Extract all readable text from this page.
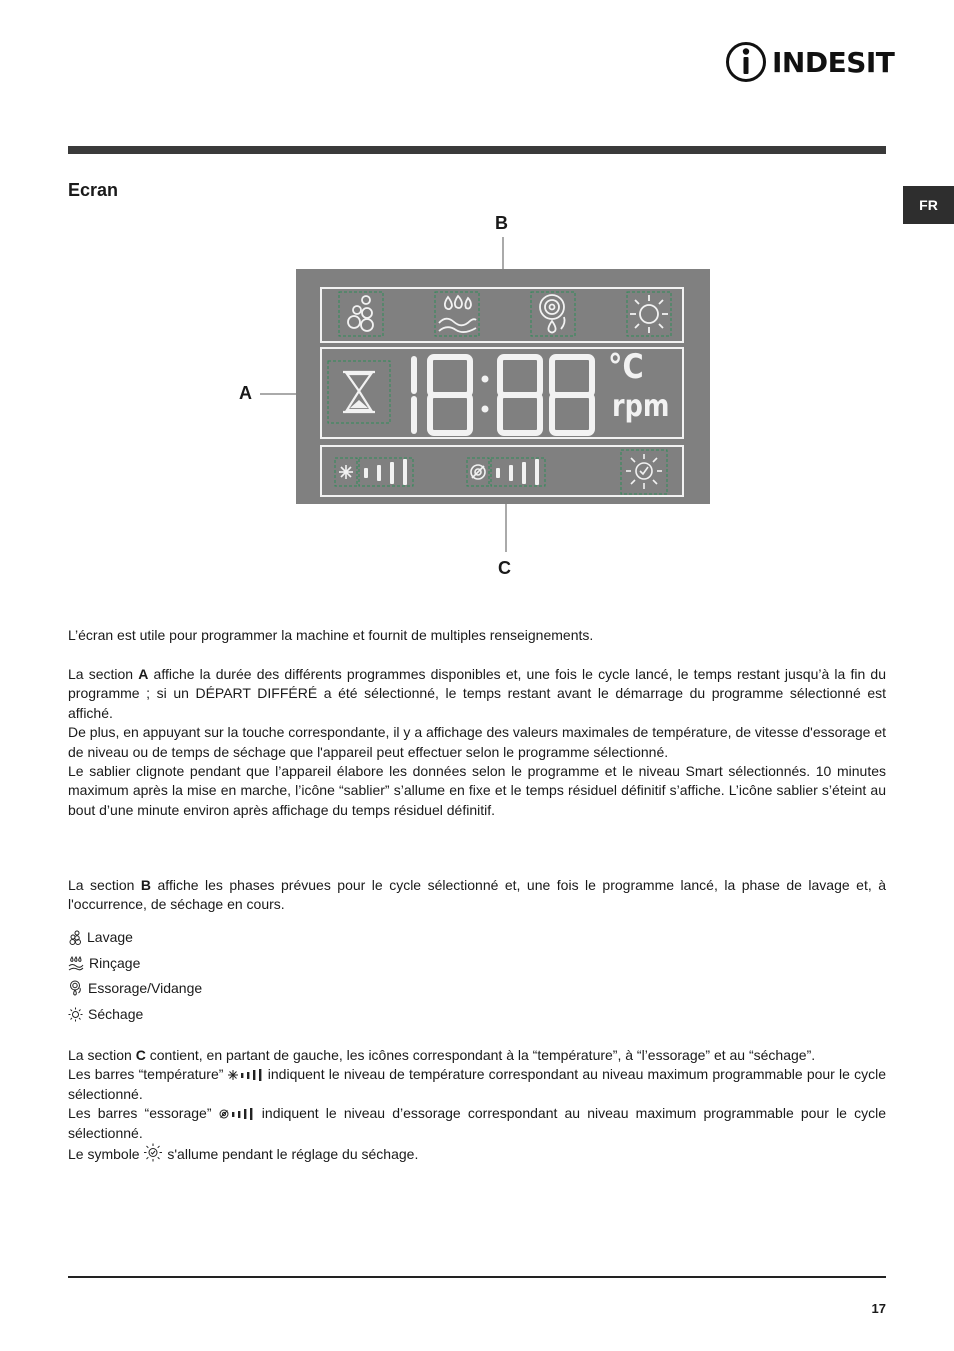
INDESIT
FR
Ecran
B
A
C
°C
rpm

L’écran est utile pour programmer la machine et fournit de multiples renseignements.

La section A affiche la durée des différents programmes disponibles et, une fois le cycle lancé, le temps restant jusqu’à la fin du programme ; si un DÉPART DIFFÉRÉ a été sélectionné, le temps restant avant le démarrage du programme sélectionné est affiché.

De plus, en appuyant sur la touche correspondante, il y a affichage des valeurs maximales de température, de vitesse d'essorage et de niveau ou de temps de séchage que l'appareil peut effectuer selon le programme sélectionné.

Le sablier clignote pendant que l’appareil élabore les données selon le programme et le niveau Smart sélectionnés. 10 minutes maximum après la mise en marche, l’icône “sablier” s’allume en fixe et le temps résiduel définitif s’affiche. L’icône sablier s’éteint au bout d’une minute environ après affichage du temps résiduel définitif.

La section B affiche les phases prévues pour le cycle sélectionné et, une fois le programme lancé, la phase de lavage et, à l'occurrence, de séchage en cours.

Lavage
Rinçage
Essorage/Vidange
Séchage

La section C contient, en partant de gauche, les icônes correspondant à la “température”, à “l’essorage” et au “séchage”.

Les barres “température”	indiquent le niveau de température correspondant au niveau maximum programmable pour le cycle sélectionné.

Les barres “essorage”	indiquent le niveau d’essorage correspondant au niveau maximum programmable pour le cycle sélectionné.

Le symbole  s'allume pendant le réglage du séchage.

17
